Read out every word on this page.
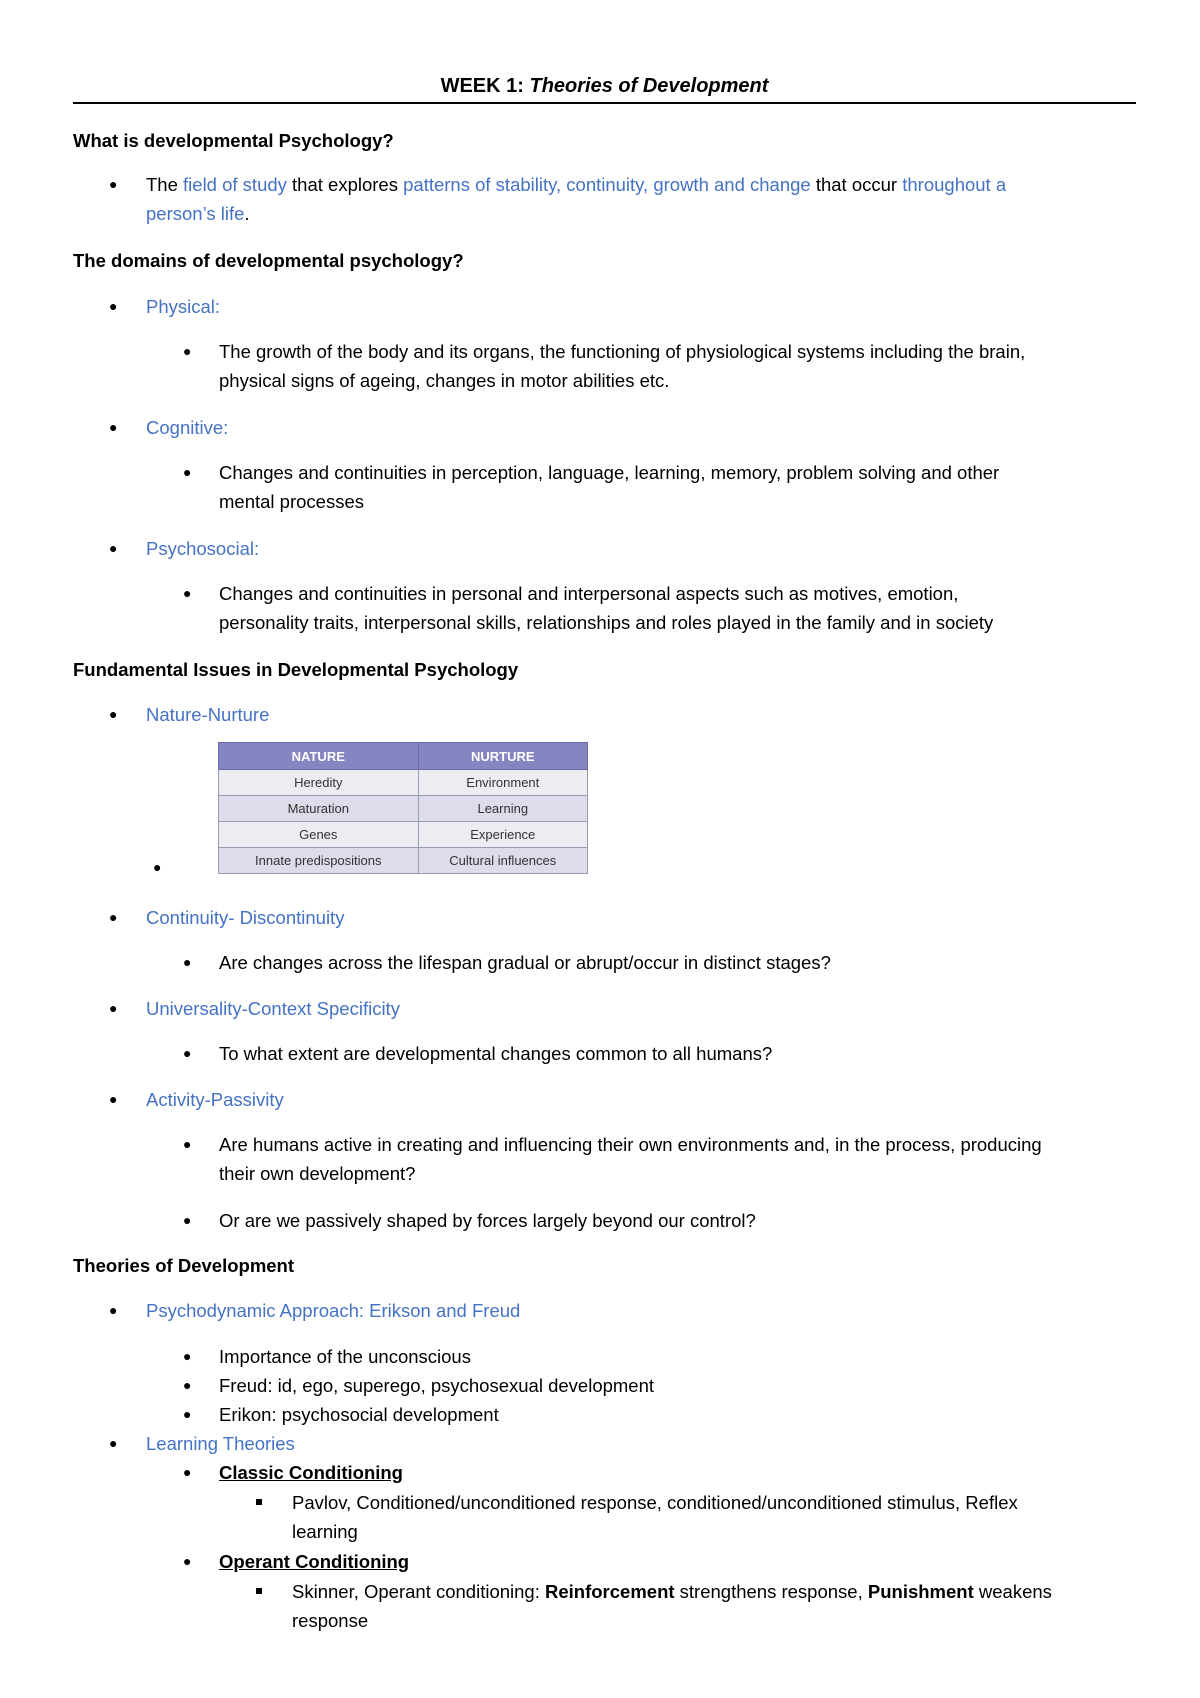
WEEK 1: Theories of Development
What is developmental Psychology?
● The field of study that explores patterns of stability, continuity, growth and change that occur throughout a
person’s life.
The domains of developmental psychology?
● Physical:
● The growth of the body and its organs, the functioning of physiological systems including the brain,
physical signs of ageing, changes in motor abilities etc.
● Cognitive:
● Changes and continuities in perception, language, learning, memory, problem solving and other
mental processes
● Psychosocial:
● Changes and continuities in personal and interpersonal aspects such as motives, emotion,
personality traits, interpersonal skills, relationships and roles played in the family and in society
Fundamental Issues in Developmental Psychology
● Nature-Nurture
NATURE	NURTURE
Heredity	Environment
Maturation	Learning
Genes	Experience
Innate predispositions	Cultural influences
●
● Continuity- Discontinuity
● Are changes across the lifespan gradual or abrupt/occur in distinct stages?
● Universality-Context Specificity
● To what extent are developmental changes common to all humans?
● Activity-Passivity
● Are humans active in creating and influencing their own environments and, in the process, producing
their own development?
● Or are we passively shaped by forces largely beyond our control?
Theories of Development
● Psychodynamic Approach: Erikson and Freud
● Importance of the unconscious
● Freud: id, ego, superego, psychosexual development
● Erikon: psychosocial development
● Learning Theories
● Classic Conditioning
Pavlov, Conditioned/unconditioned response, conditioned/unconditioned stimulus, Reflex
learning
● Operant Conditioning
Skinner, Operant conditioning: Reinforcement strengthens response, Punishment weakens
response
